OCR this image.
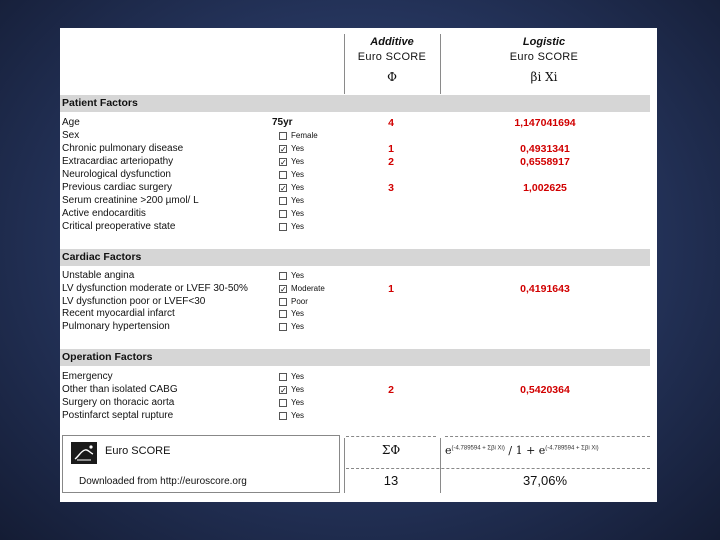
Additive
Euro SCORE
Φ
Logistic
Euro SCORE
βi Xi
Patient Factors
Age	75yr	4	1,147041694
Sex	Female
Chronic pulmonary disease	✓ Yes	1	0,4931341
Extracardiac arteriopathy	✓ Yes	2	0,6558917
Neurological dysfunction	Yes
Previous cardiac surgery	✓ Yes	3	1,002625
Serum creatinine >200 µmol/ L	Yes
Active endocarditis	Yes
Critical preoperative state	Yes
Cardiac Factors
Unstable angina	Yes
LV dysfunction moderate or LVEF 30-50%	✓ Moderate	1	0,4191643
LV dysfunction poor or LVEF<30	Poor
Recent myocardial infarct	Yes
Pulmonary hypertension	Yes
Operation Factors
Emergency	Yes
Other than isolated CABG	✓ Yes	2	0,5420364
Surgery on thoracic aorta	Yes
Postinfarct septal rupture	Yes
Euro SCORE
Downloaded from http://euroscore.org
ΣΦ	$e^{(-4.789594 + \Sigma\beta i Xi)} / 1 + e^{(-4.789594 + \Sigma\beta i Xi)}$
13	37,06%
